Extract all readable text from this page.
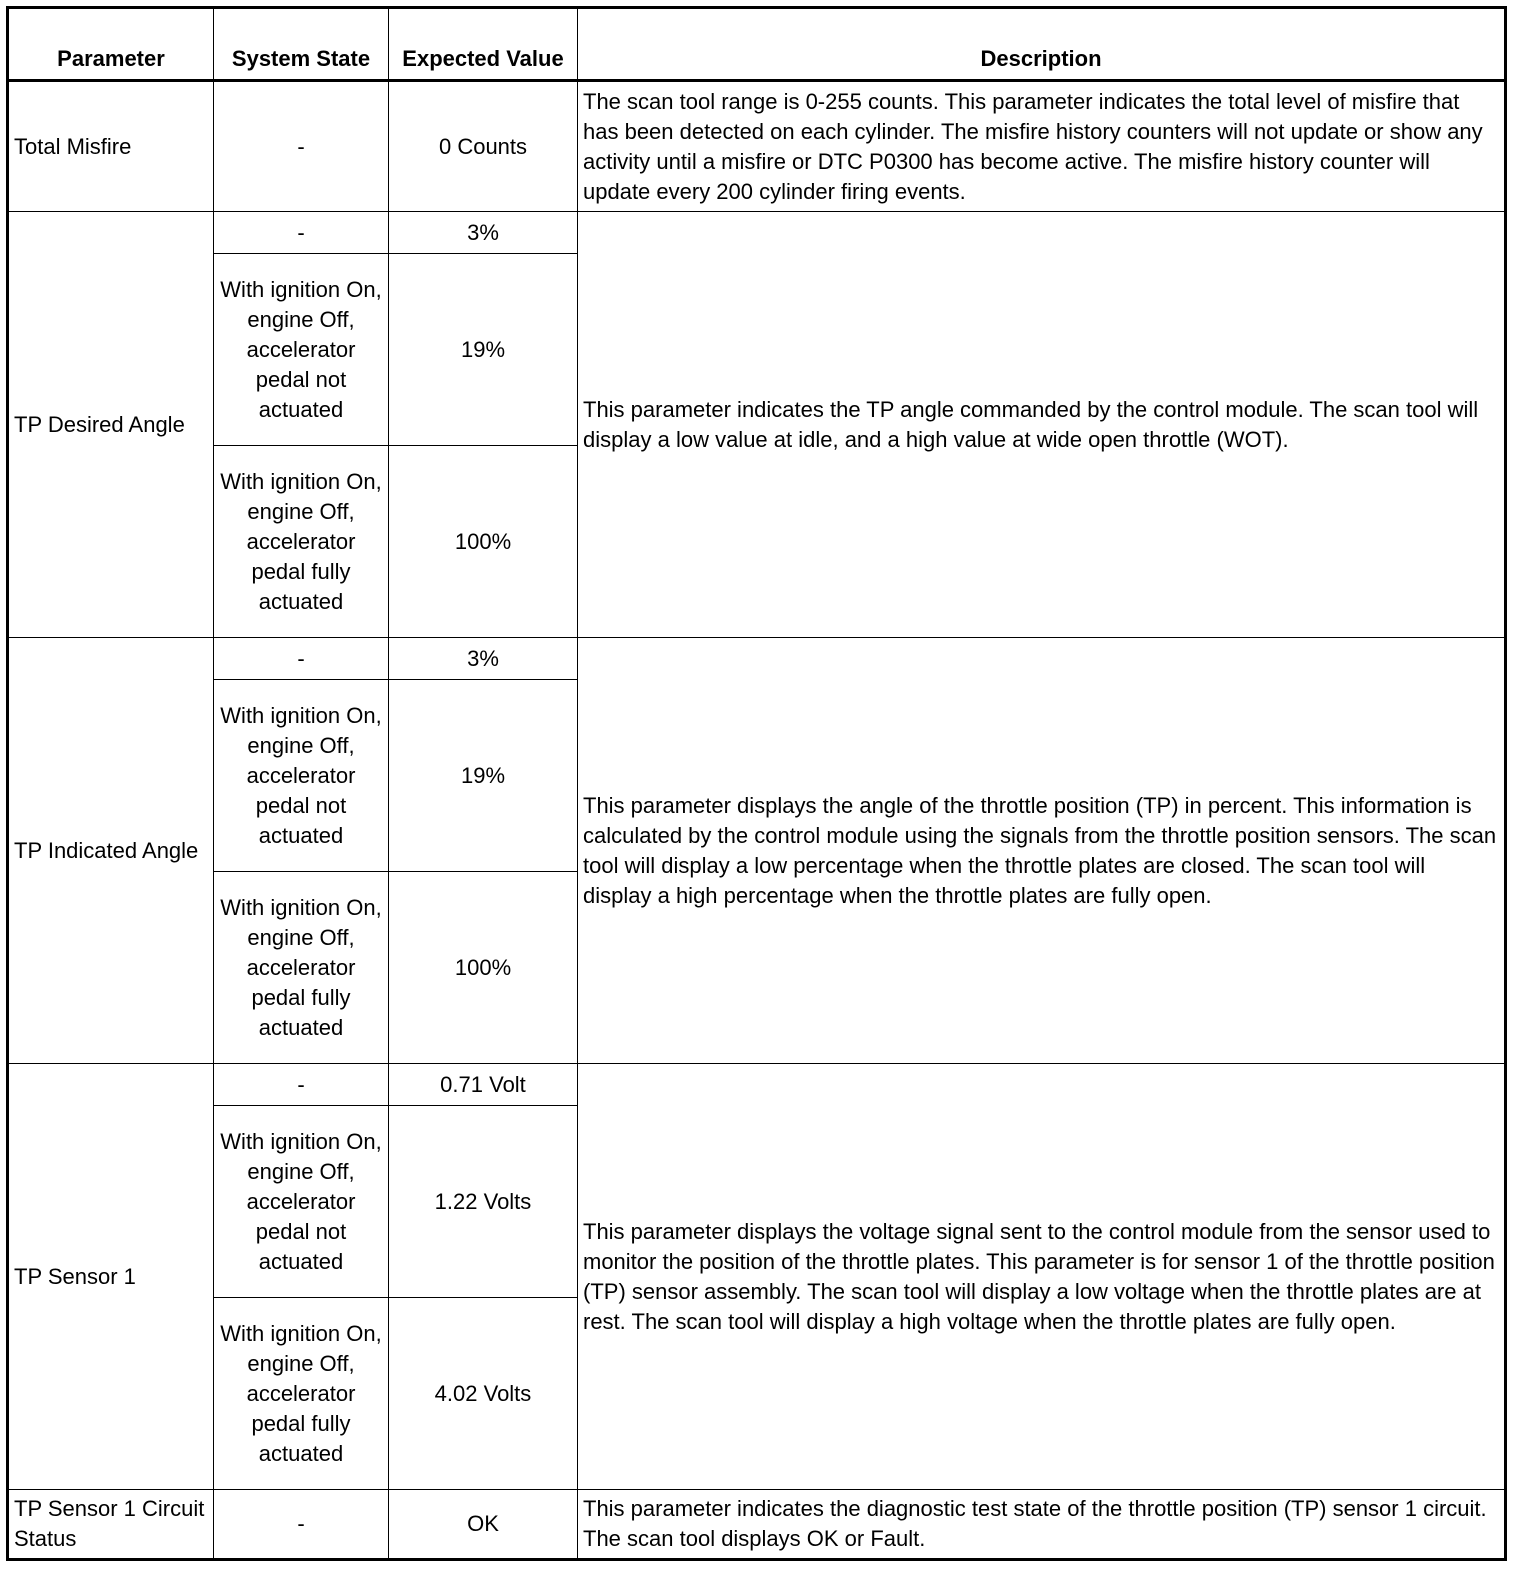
Parameter	System State	Expected Value	Description
Total Misfire	-	0 Counts	The scan tool range is 0-255 counts. This parameter indicates the total level of misfire that has been detected on each cylinder. The misfire history counters will not update or show any activity until a misfire or DTC P0300 has become active. The misfire history counter will update every 200 cylinder firing events.
TP Desired Angle	-	3%	This parameter indicates the TP angle commanded by the control module. The scan tool will display a low value at idle, and a high value at wide open throttle (WOT).
	With ignition On, engine Off, accelerator pedal not actuated	19%	
	With ignition On, engine Off, accelerator pedal fully actuated	100%	
TP Indicated Angle	-	3%	This parameter displays the angle of the throttle position (TP) in percent. This information is calculated by the control module using the signals from the throttle position sensors. The scan tool will display a low percentage when the throttle plates are closed. The scan tool will display a high percentage when the throttle plates are fully open.
	With ignition On, engine Off, accelerator pedal not actuated	19%	
	With ignition On, engine Off, accelerator pedal fully actuated	100%	
TP Sensor 1	-	0.71 Volt	This parameter displays the voltage signal sent to the control module from the sensor used to monitor the position of the throttle plates. This parameter is for sensor 1 of the throttle position (TP) sensor assembly. The scan tool will display a low voltage when the throttle plates are at rest. The scan tool will display a high voltage when the throttle plates are fully open.
	With ignition On, engine Off, accelerator pedal not actuated	1.22 Volts	
	With ignition On, engine Off, accelerator pedal fully actuated	4.02 Volts	
TP Sensor 1 Circuit Status	-	OK	This parameter indicates the diagnostic test state of the throttle position (TP) sensor 1 circuit. The scan tool displays OK or Fault.
